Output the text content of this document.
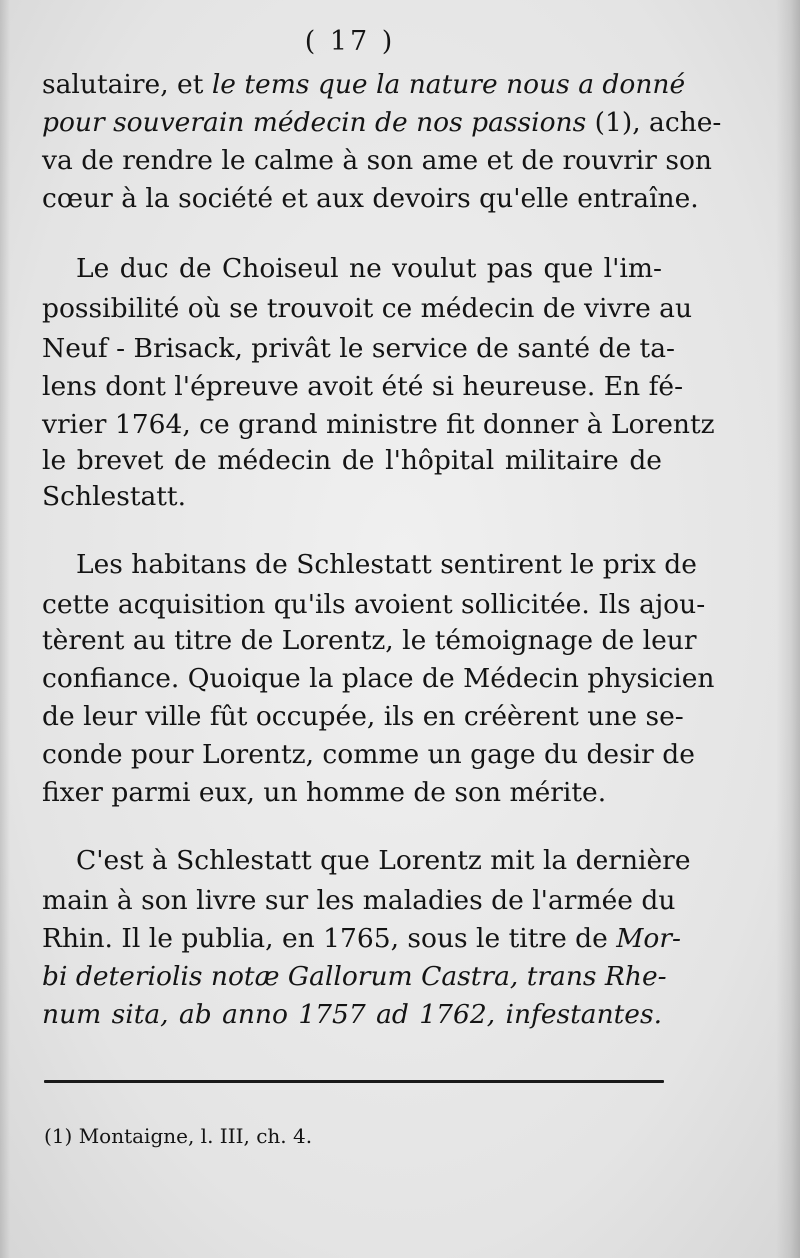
( 17 )
salutaire, et le tems que la nature nous a donné
pour souverain médecin de nos passions (1), ache-
va de rendre le calme à son ame et de rouvrir son
cœur à la société et aux devoirs qu'elle entraîne.
Le duc de Choiseul ne voulut pas que l'im-
possibilité où se trouvoit ce médecin de vivre au
Neuf - Brisack, privât le service de santé de ta-
lens dont l'épreuve avoit été si heureuse. En fé-
vrier 1764, ce grand ministre fit donner à Lorentz
le brevet de médecin de l'hôpital militaire de
Schlestatt.
Les habitans de Schlestatt sentirent le prix de
cette acquisition qu'ils avoient sollicitée. Ils ajou-
tèrent au titre de Lorentz, le témoignage de leur
confiance. Quoique la place de Médecin physicien
de leur ville fût occupée, ils en créèrent une se-
conde pour Lorentz, comme un gage du desir de
fixer parmi eux, un homme de son mérite.
C'est à Schlestatt que Lorentz mit la dernière
main à son livre sur les maladies de l'armée du
Rhin. Il le publia, en 1765, sous le titre de Mor-
bi deteriolis notæ Gallorum Castra, trans Rhe-
num sita, ab anno 1757 ad 1762, infestantes.
(1) Montaigne, l. III, ch. 4.
